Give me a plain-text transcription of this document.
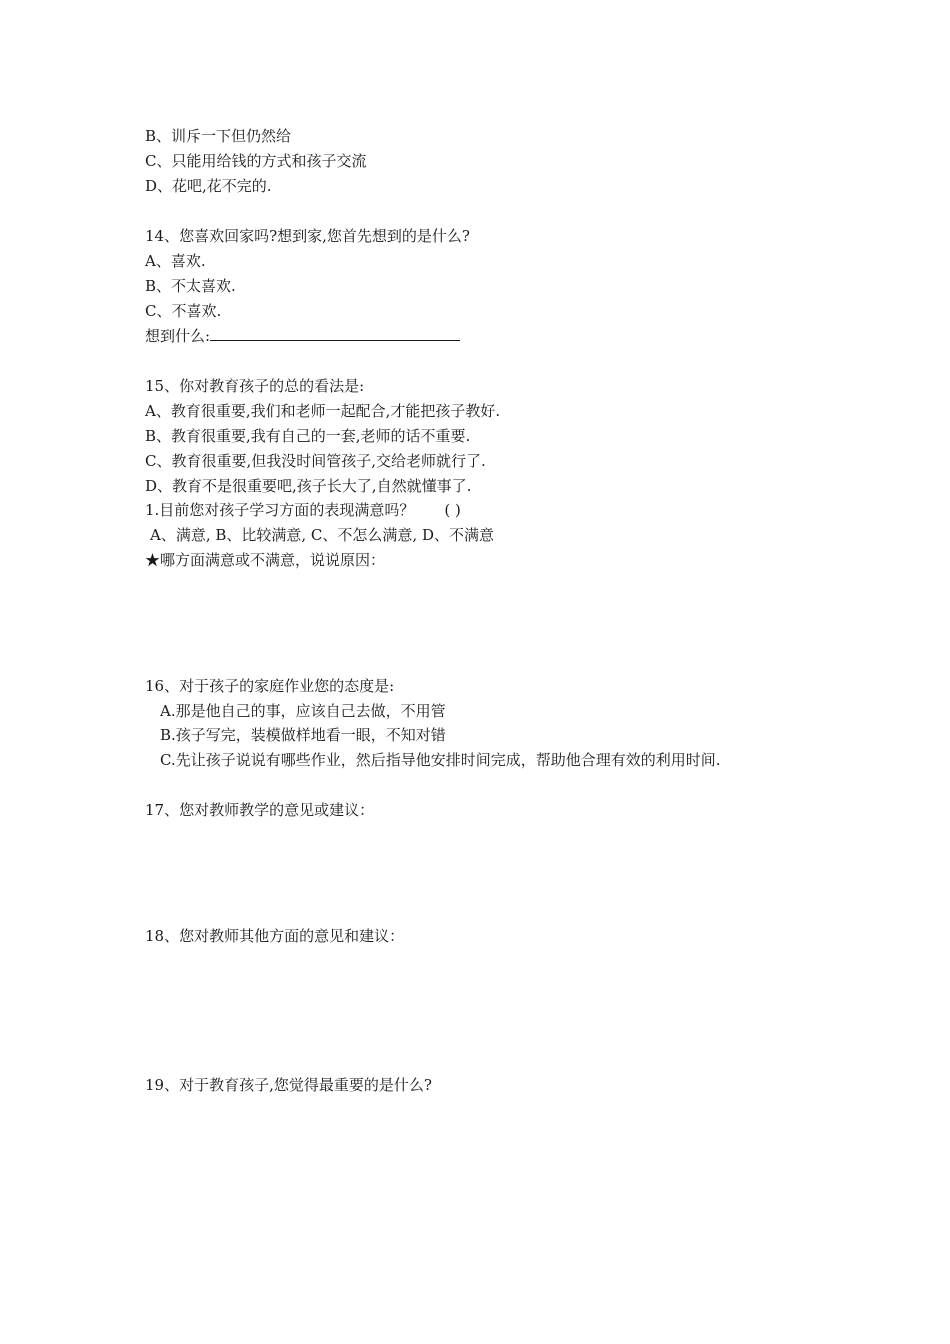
B、训斥一下但仍然给
C、只能用给钱的方式和孩子交流
D、花吧,花不完的.
14、您喜欢回家吗?想到家,您首先想到的是什么?
A、喜欢.
B、不太喜欢.
C、不喜欢.
想到什么:
15、你对教育孩子的总的看法是:
A、教育很重要,我们和老师一起配合,才能把孩子教好.
B、教育很重要,我有自己的一套,老师的话不重要.
C、教育很重要,但我没时间管孩子,交给老师就行了.
D、教育不是很重要吧,孩子长大了,自然就懂事了.
1.目前您对孩子学习方面的表现满意吗？ ( )
A、满意, B、比较满意, C、不怎么满意, D、不满意
★哪方面满意或不满意，说说原因：
16、对于孩子的家庭作业您的态度是:
A.那是他自己的事，应该自己去做，不用管
B.孩子写完，装模做样地看一眼，不知对错
C.先让孩子说说有哪些作业，然后指导他安排时间完成，帮助他合理有效的利用时间.
17、您对教师教学的意见或建议：
18、您对教师其他方面的意见和建议：
19、对于教育孩子,您觉得最重要的是什么?
